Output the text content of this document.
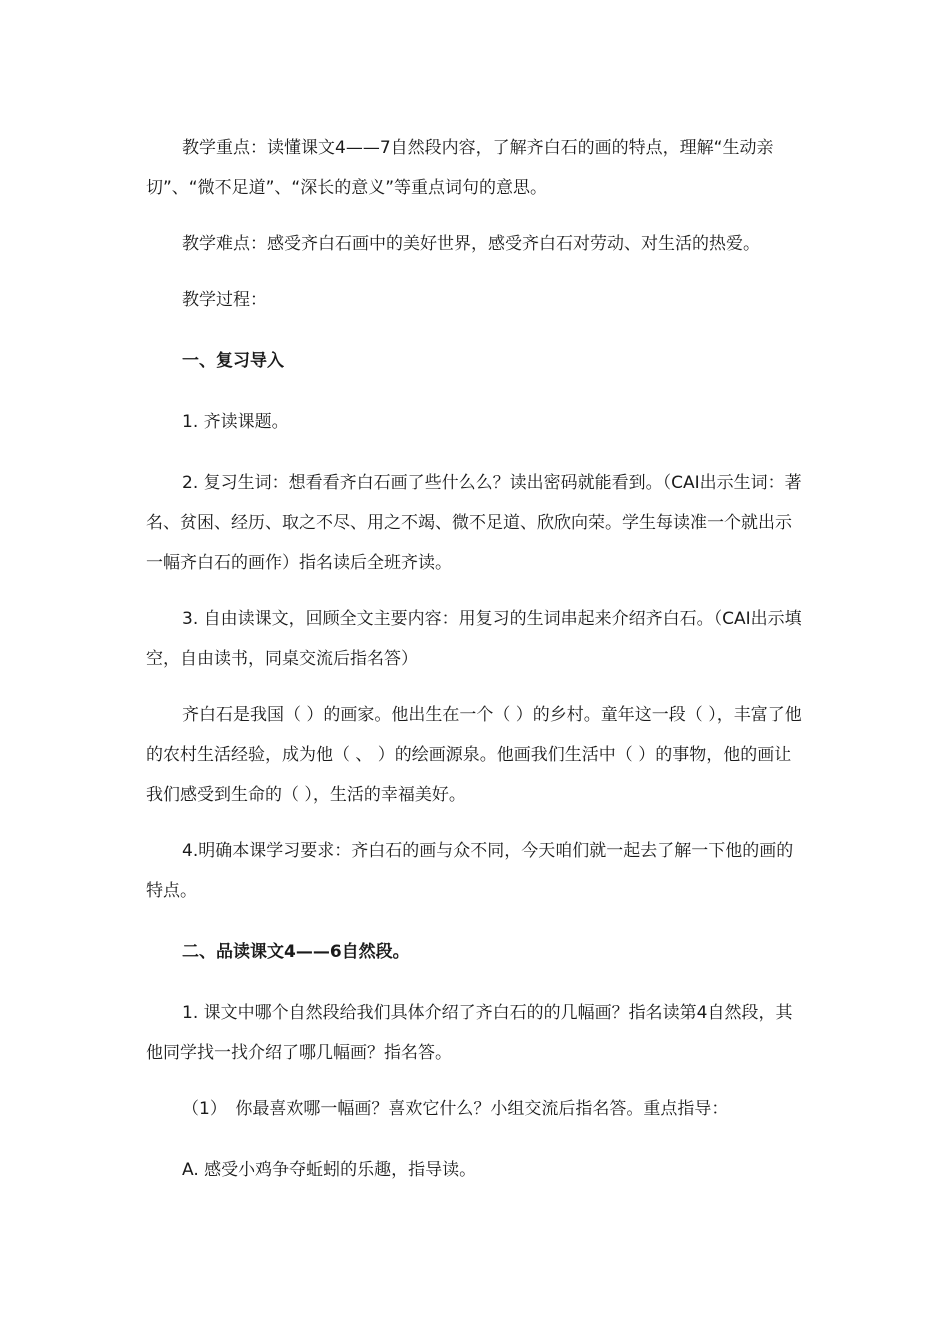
教学重点：读懂课文4——7自然段内容，了解齐白石的画的特点，理解“生动亲切”、“微不足道”、“深长的意义”等重点词句的意思。

教学难点：感受齐白石画中的美好世界，感受齐白石对劳动、对生活的热爱。

教学过程：

一、复习导入

1. 齐读课题。

2. 复习生词：想看看齐白石画了些什么么？读出密码就能看到。（CAI出示生词：著名、贫困、经历、取之不尽、用之不竭、微不足道、欣欣向荣。学生每读准一个就出示一幅齐白石的画作）指名读后全班齐读。

3. 自由读课文，回顾全文主要内容：用复习的生词串起来介绍齐白石。（CAI出示填空，自由读书，同桌交流后指名答）

齐白石是我国（ ）的画家。他出生在一个（ ）的乡村。童年这一段（ ），丰富了他的农村生活经验，成为他（ 、 ）的绘画源泉。他画我们生活中（ ）的事物，他的画让我们感受到生命的（ ），生活的幸福美好。

4.明确本课学习要求：齐白石的画与众不同，今天咱们就一起去了解一下他的画的特点。

二、品读课文4——6自然段。

1. 课文中哪个自然段给我们具体介绍了齐白石的的几幅画？指名读第4自然段，其他同学找一找介绍了哪几幅画？指名答。

（1）　你最喜欢哪一幅画？喜欢它什么？小组交流后指名答。重点指导：

A. 感受小鸡争夺蚯蚓的乐趣，指导读。
